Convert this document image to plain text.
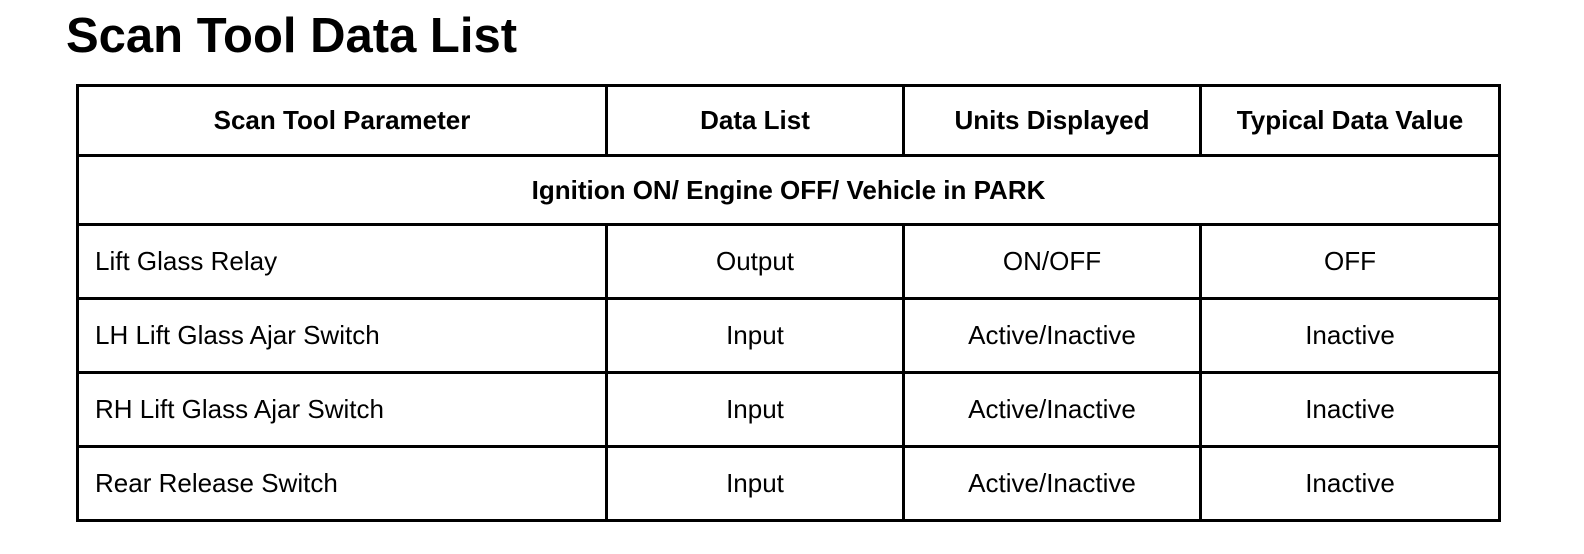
Scan Tool Data List
Scan Tool Parameter	Data List	Units Displayed	Typical Data Value
Ignition ON/ Engine OFF/ Vehicle in PARK			
Lift Glass Relay	Output	ON/OFF	OFF
LH Lift Glass Ajar Switch	Input	Active/Inactive	Inactive
RH Lift Glass Ajar Switch	Input	Active/Inactive	Inactive
Rear Release Switch	Input	Active/Inactive	Inactive
